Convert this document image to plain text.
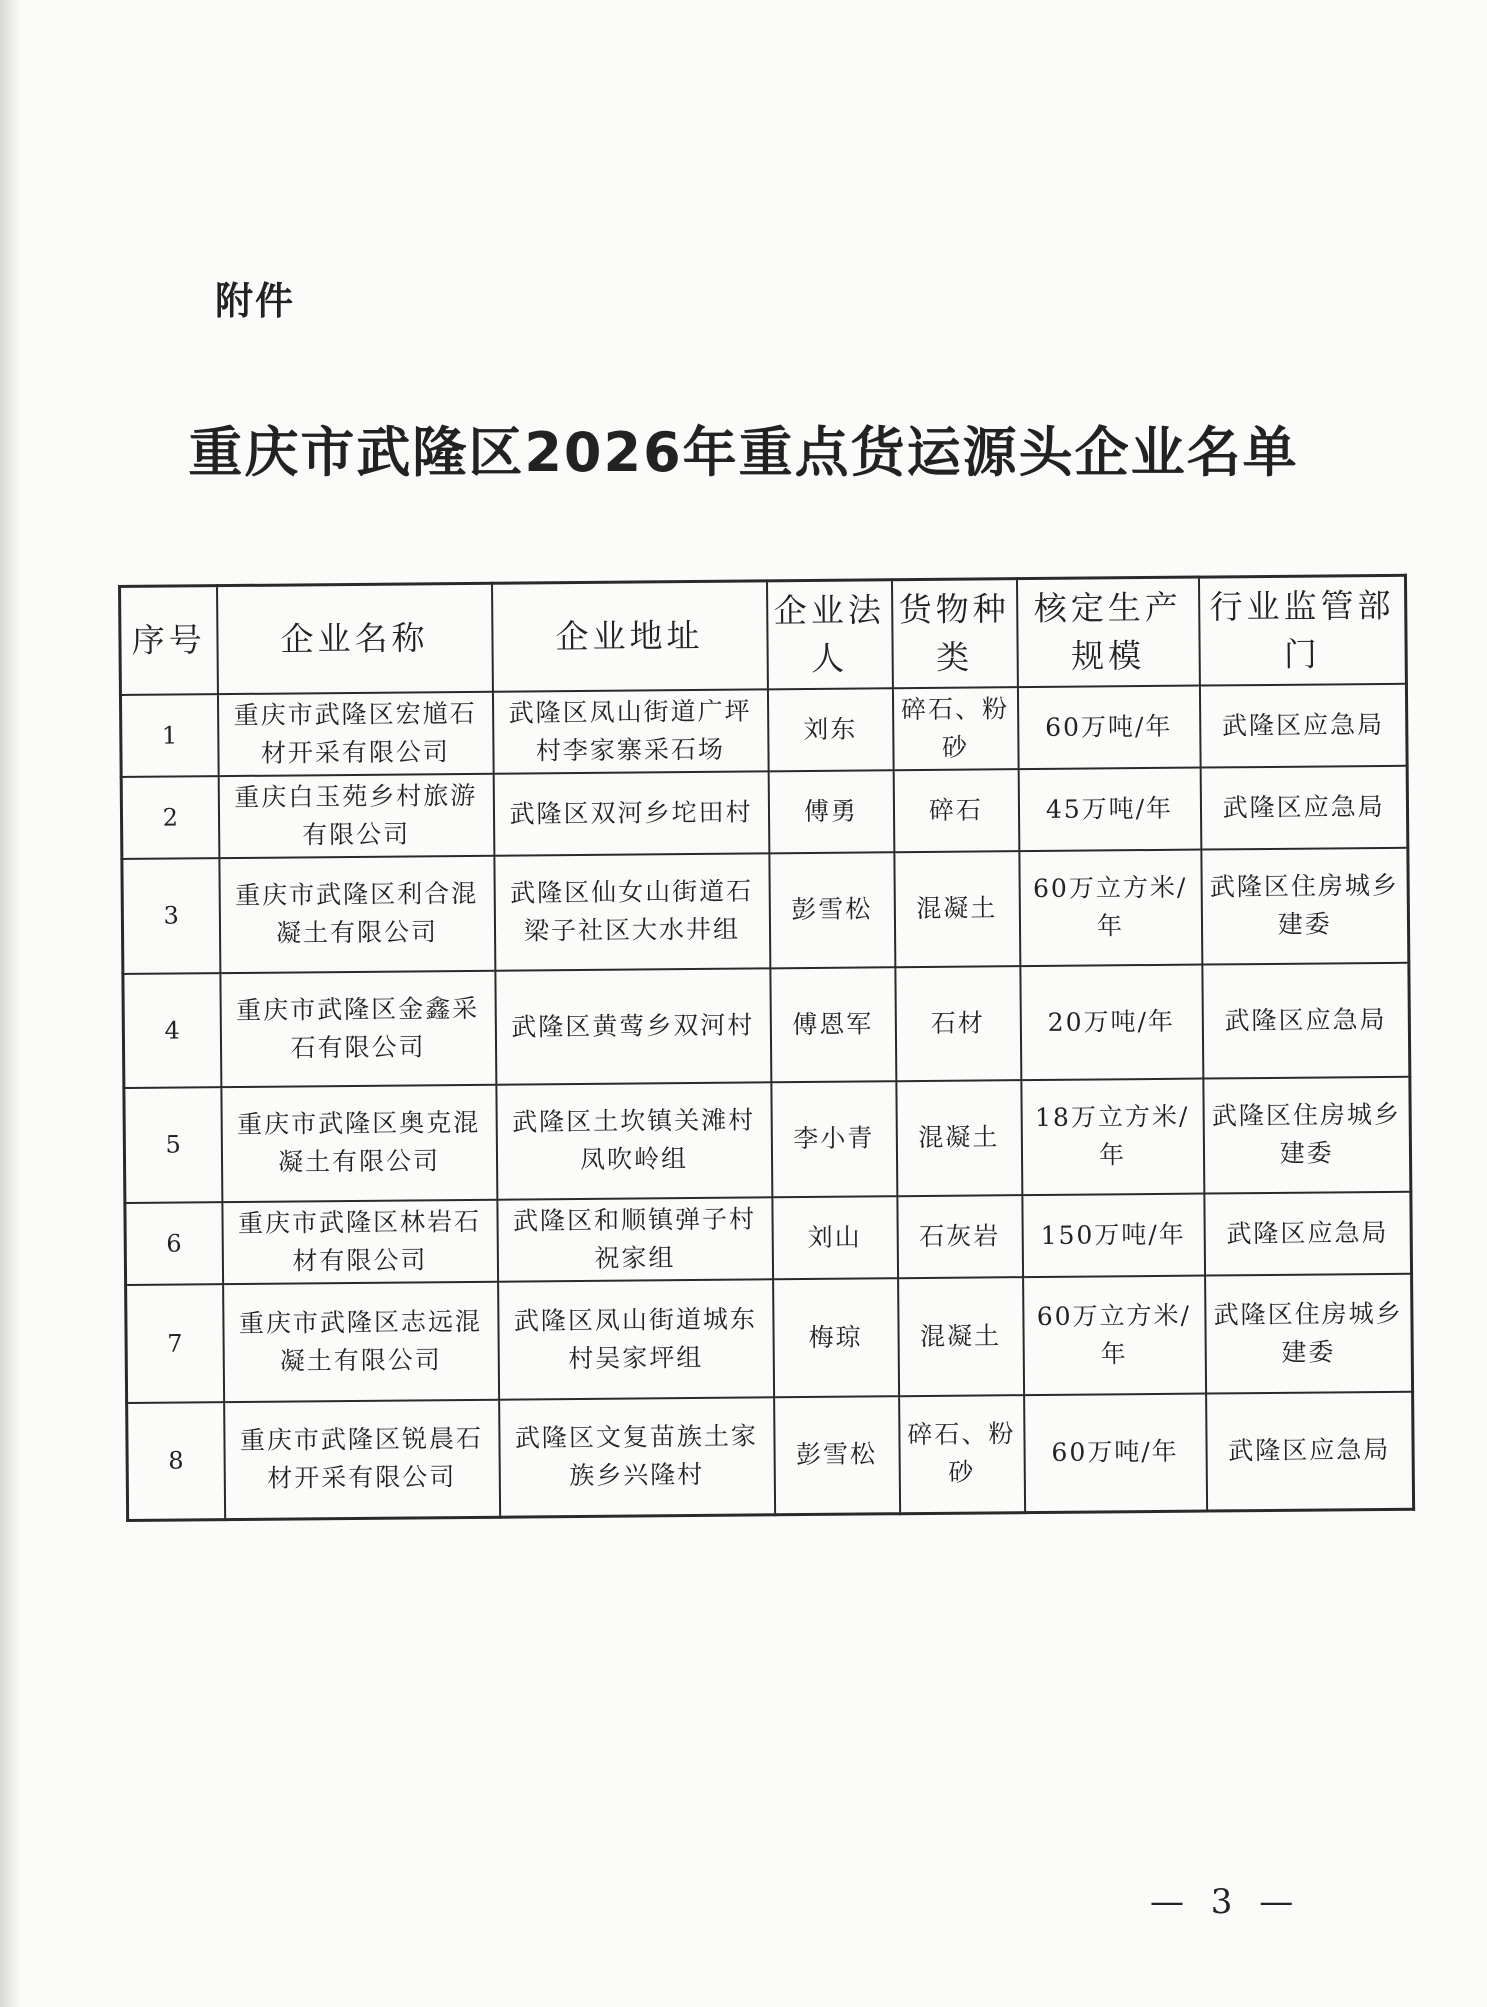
附件
重庆市武隆区2026年重点货运源头企业名单
序号	企业名称	企业地址	企业法人	货物种类	核定生产规模	行业监管部门
1	重庆市武隆区宏馗石材开采有限公司	武隆区凤山街道广坪村李家寨采石场	刘东	碎石、粉砂	60万吨/年	武隆区应急局
2	重庆白玉苑乡村旅游有限公司	武隆区双河乡坨田村	傅勇	碎石	45万吨/年	武隆区应急局
3	重庆市武隆区利合混凝土有限公司	武隆区仙女山街道石梁子社区大水井组	彭雪松	混凝土	60万立方米/年	武隆区住房城乡建委
4	重庆市武隆区金鑫采石有限公司	武隆区黄莺乡双河村	傅恩军	石材	20万吨/年	武隆区应急局
5	重庆市武隆区奥克混凝土有限公司	武隆区土坎镇关滩村凤吹岭组	李小青	混凝土	18万立方米/年	武隆区住房城乡建委
6	重庆市武隆区林岩石材有限公司	武隆区和顺镇弹子村祝家组	刘山	石灰岩	150万吨/年	武隆区应急局
7	重庆市武隆区志远混凝土有限公司	武隆区凤山街道城东村吴家坪组	梅琼	混凝土	60万立方米/年	武隆区住房城乡建委
8	重庆市武隆区锐晨石材开采有限公司	武隆区文复苗族土家族乡兴隆村	彭雪松	碎石、粉砂	60万吨/年	武隆区应急局
— 3 —
